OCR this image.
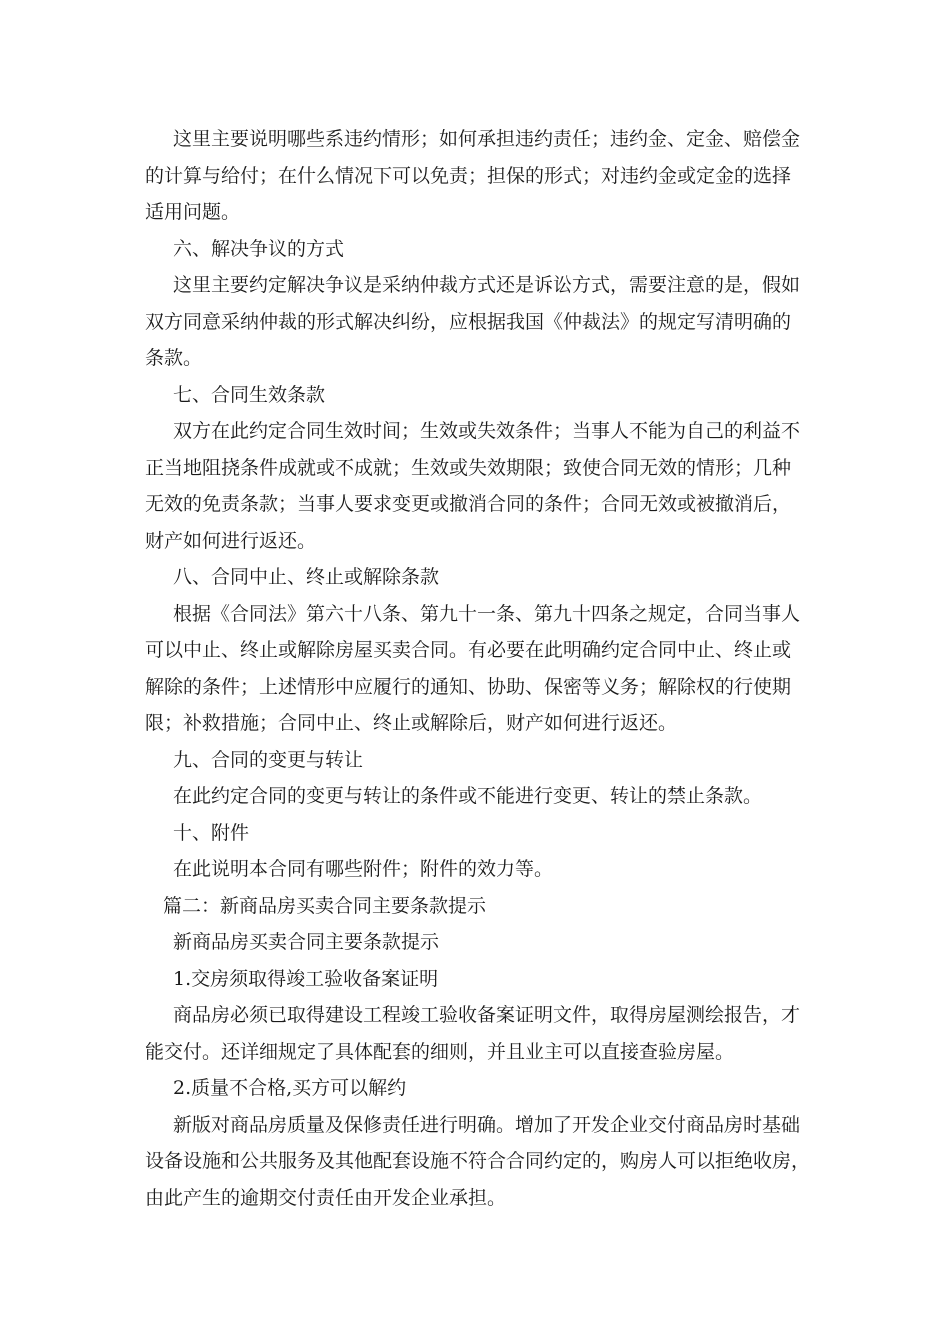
这里主要说明哪些系违约情形；如何承担违约责任；违约金、定金、赔偿金
的计算与给付；在什么情况下可以免责；担保的形式；对违约金或定金的选择
适用问题。
六、解决争议的方式
这里主要约定解决争议是采纳仲裁方式还是诉讼方式，需要注意的是，假如
双方同意采纳仲裁的形式解决纠纷，应根据我国《仲裁法》的规定写清明确的
条款。
七、合同生效条款
双方在此约定合同生效时间；生效或失效条件；当事人不能为自己的利益不
正当地阻挠条件成就或不成就；生效或失效期限；致使合同无效的情形；几种
无效的免责条款；当事人要求变更或撤消合同的条件；合同无效或被撤消后，
财产如何进行返还。
八、合同中止、终止或解除条款
根据《合同法》第六十八条、第九十一条、第九十四条之规定，合同当事人
可以中止、终止或解除房屋买卖合同。有必要在此明确约定合同中止、终止或
解除的条件；上述情形中应履行的通知、协助、保密等义务；解除权的行使期
限；补救措施；合同中止、终止或解除后，财产如何进行返还。
九、合同的变更与转让
在此约定合同的变更与转让的条件或不能进行变更、转让的禁止条款。
十、附件
在此说明本合同有哪些附件；附件的效力等。
篇二：新商品房买卖合同主要条款提示
新商品房买卖合同主要条款提示
1.交房须取得竣工验收备案证明
商品房必须已取得建设工程竣工验收备案证明文件，取得房屋测绘报告，才
能交付。还详细规定了具体配套的细则，并且业主可以直接查验房屋。
2.质量不合格,买方可以解约
新版对商品房质量及保修责任进行明确。增加了开发企业交付商品房时基础
设备设施和公共服务及其他配套设施不符合合同约定的，购房人可以拒绝收房，
由此产生的逾期交付责任由开发企业承担。
